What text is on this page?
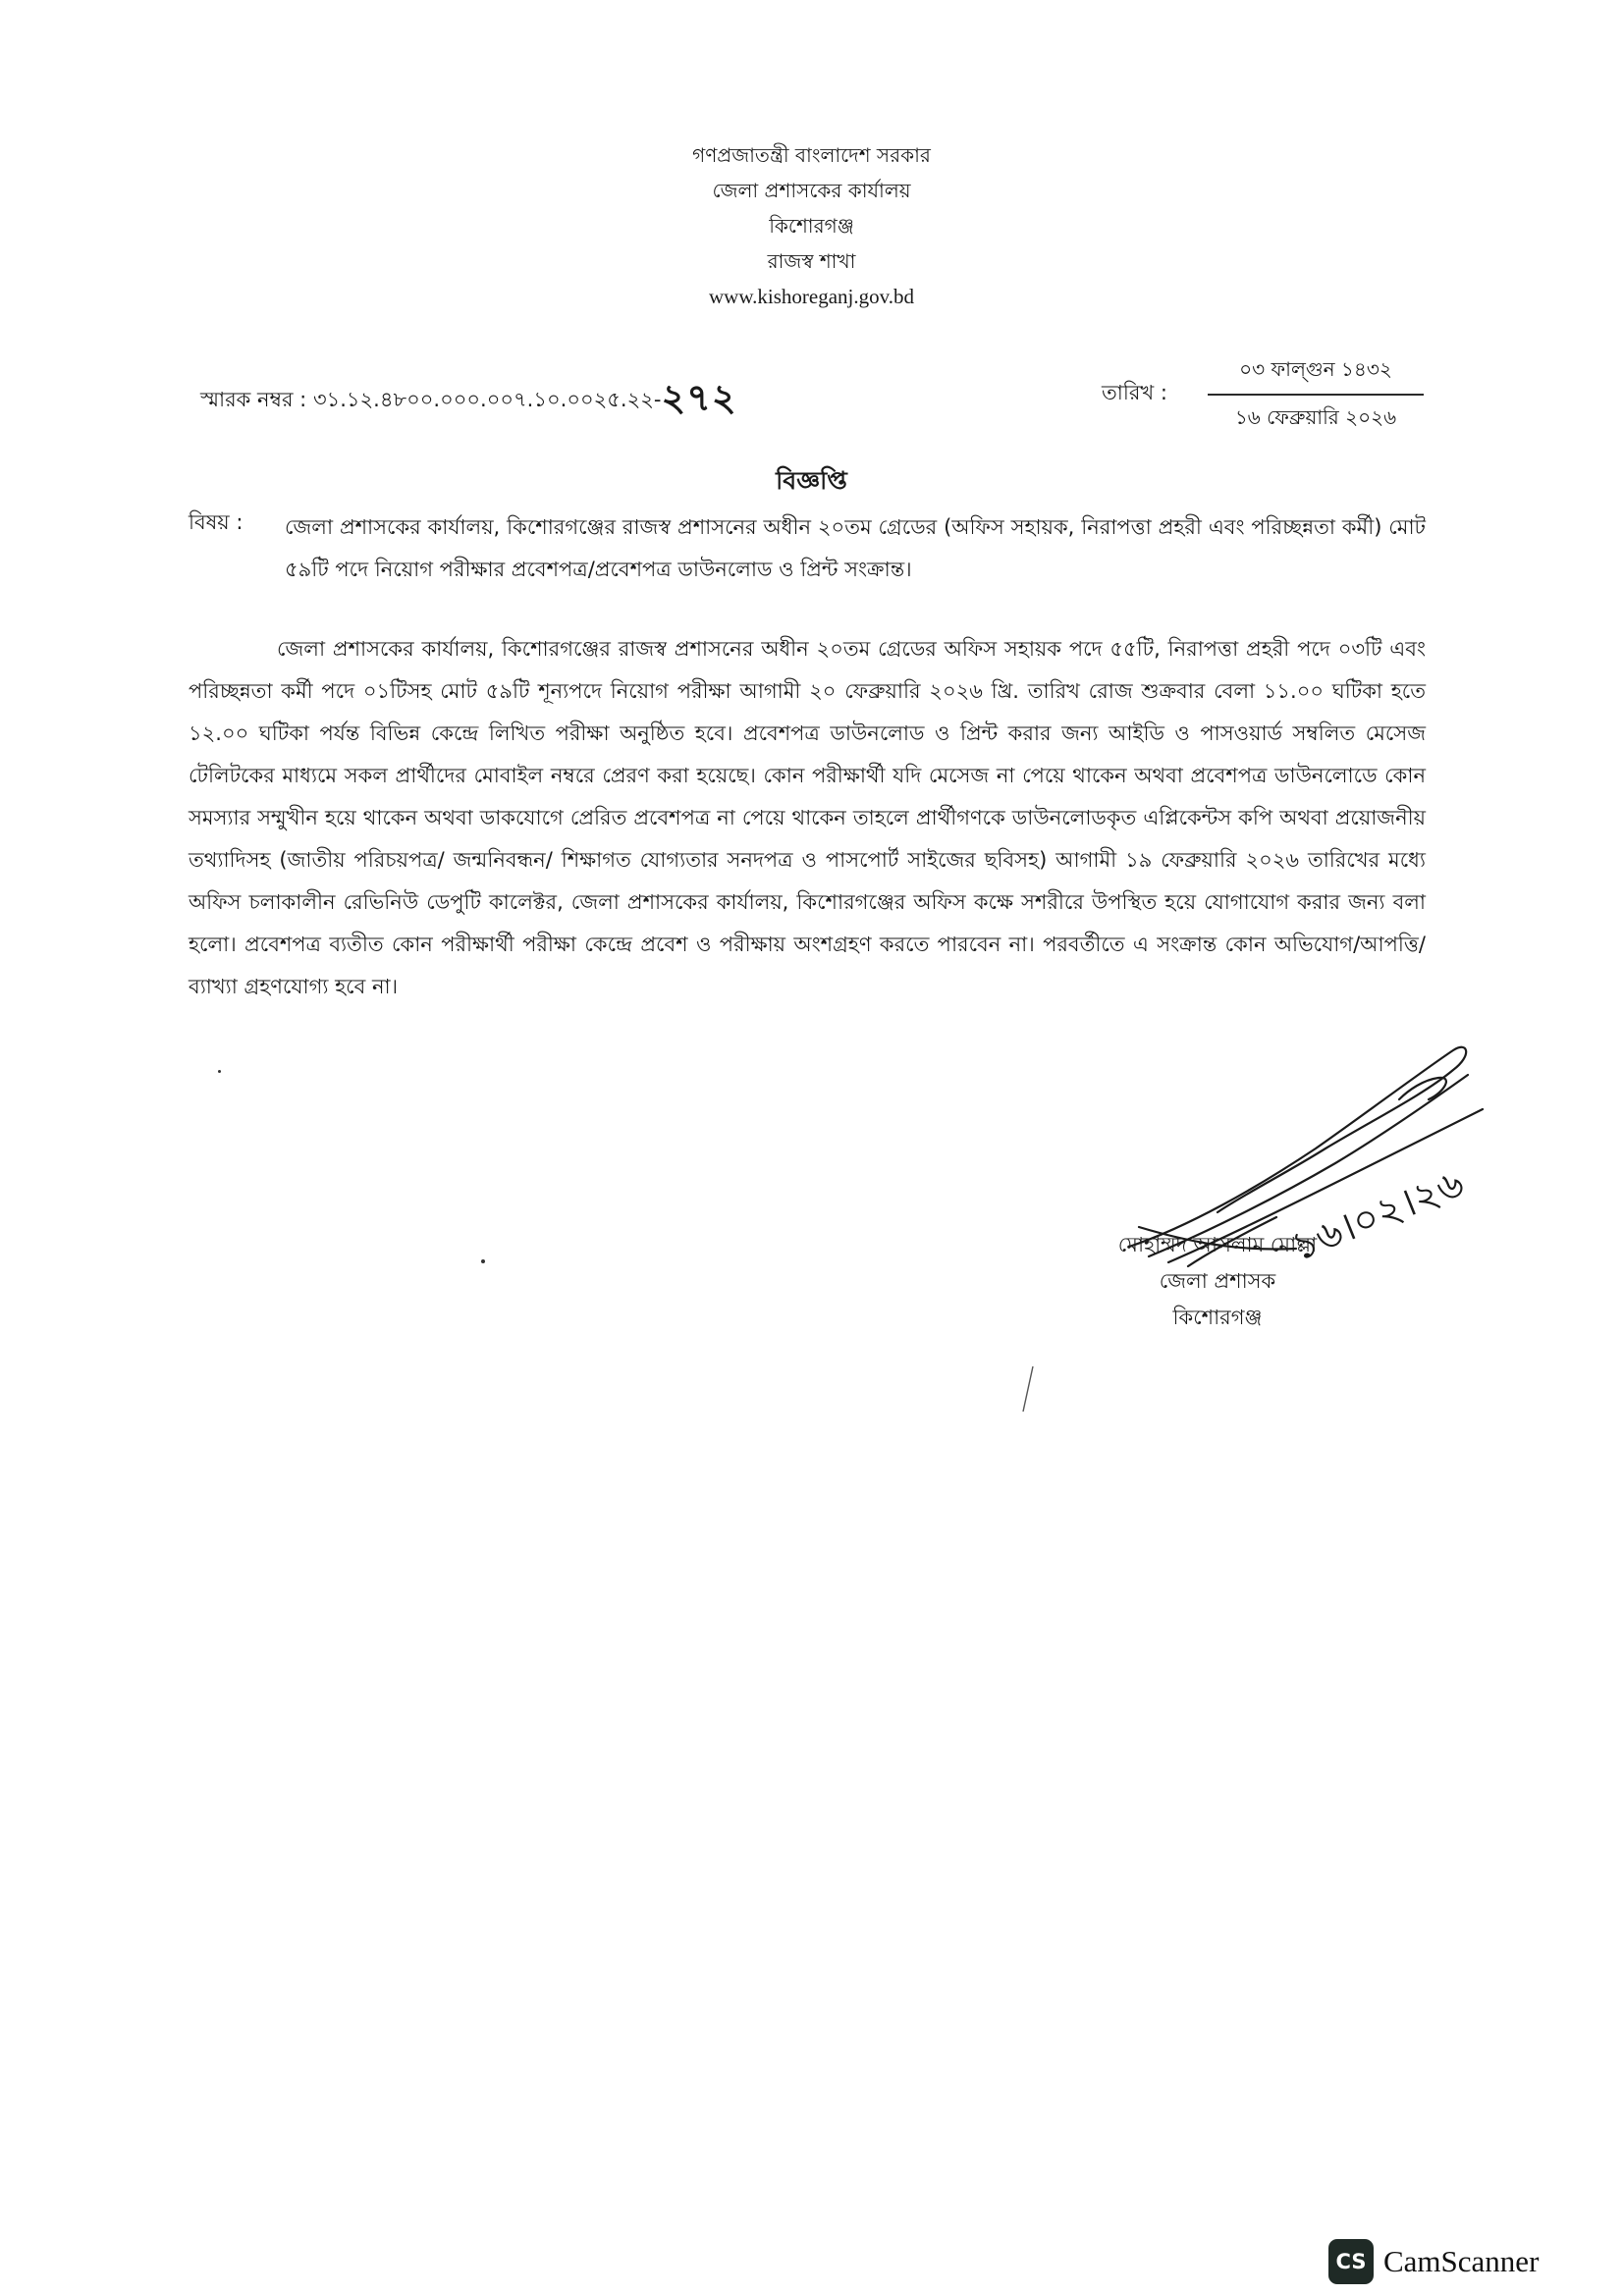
গণপ্রজাতন্ত্রী বাংলাদেশ সরকার
জেলা প্রশাসকের কার্যালয়
কিশোরগঞ্জ
রাজস্ব শাখা
www.kishoreganj.gov.bd
স্মারক নম্বর : ৩১.১২.৪৮০০.০০০.০০৭.১০.০০২৫.২২-২৭২	তারিখ :
০৩ ফাল্গুন ১৪৩২
১৬ ফেব্রুয়ারি ২০২৬
বিজ্ঞপ্তি
বিষয় : জেলা প্রশাসকের কার্যালয়, কিশোরগঞ্জের রাজস্ব প্রশাসনের অধীন ২০তম গ্রেডের (অফিস সহায়ক, নিরাপত্তা প্রহরী এবং পরিচ্ছন্নতা কর্মী) মোট ৫৯টি পদে নিয়োগ পরীক্ষার প্রবেশপত্র/প্রবেশপত্র ডাউনলোড ও প্রিন্ট সংক্রান্ত।
জেলা প্রশাসকের কার্যালয়, কিশোরগঞ্জের রাজস্ব প্রশাসনের অধীন ২০তম গ্রেডের অফিস সহায়ক পদে ৫৫টি, নিরাপত্তা প্রহরী পদে ০৩টি এবং পরিচ্ছন্নতা কর্মী পদে ০১টিসহ মোট ৫৯টি শূন্যপদে নিয়োগ পরীক্ষা আগামী ২০ ফেব্রুয়ারি ২০২৬ খ্রি. তারিখ রোজ শুক্রবার বেলা ১১.০০ ঘটিকা হতে ১২.০০ ঘটিকা পর্যন্ত বিভিন্ন কেন্দ্রে লিখিত পরীক্ষা অনুষ্ঠিত হবে। প্রবেশপত্র ডাউনলোড ও প্রিন্ট করার জন্য আইডি ও পাসওয়ার্ড সম্বলিত মেসেজ টেলিটকের মাধ্যমে সকল প্রার্থীদের মোবাইল নম্বরে প্রেরণ করা হয়েছে। কোন পরীক্ষার্থী যদি মেসেজ না পেয়ে থাকেন অথবা প্রবেশপত্র ডাউনলোডে কোন সমস্যার সম্মুখীন হয়ে থাকেন অথবা ডাকযোগে প্রেরিত প্রবেশপত্র না পেয়ে থাকেন তাহলে প্রার্থীগণকে ডাউনলোডকৃত এপ্লিকেন্টস কপি অথবা প্রয়োজনীয় তথ্যাদিসহ (জাতীয় পরিচয়পত্র/ জন্মনিবন্ধন/ শিক্ষাগত যোগ্যতার সনদপত্র ও পাসপোর্ট সাইজের ছবিসহ) আগামী ১৯ ফেব্রুয়ারি ২০২৬ তারিখের মধ্যে অফিস চলাকালীন রেভিনিউ ডেপুটি কালেক্টর, জেলা প্রশাসকের কার্যালয়, কিশোরগঞ্জের অফিস কক্ষে সশরীরে উপস্থিত হয়ে যোগাযোগ করার জন্য বলা হলো। প্রবেশপত্র ব্যতীত কোন পরীক্ষার্থী পরীক্ষা কেন্দ্রে প্রবেশ ও পরীক্ষায় অংশগ্রহণ করতে পারবেন না। পরবর্তীতে এ সংক্রান্ত কোন অভিযোগ/আপত্তি/ব্যাখ্যা গ্রহণযোগ্য হবে না।
১৬।০২।২৬
মোহাম্মদ আসলাম মোল্লা
জেলা প্রশাসক
কিশোরগঞ্জ
CS CamScanner
